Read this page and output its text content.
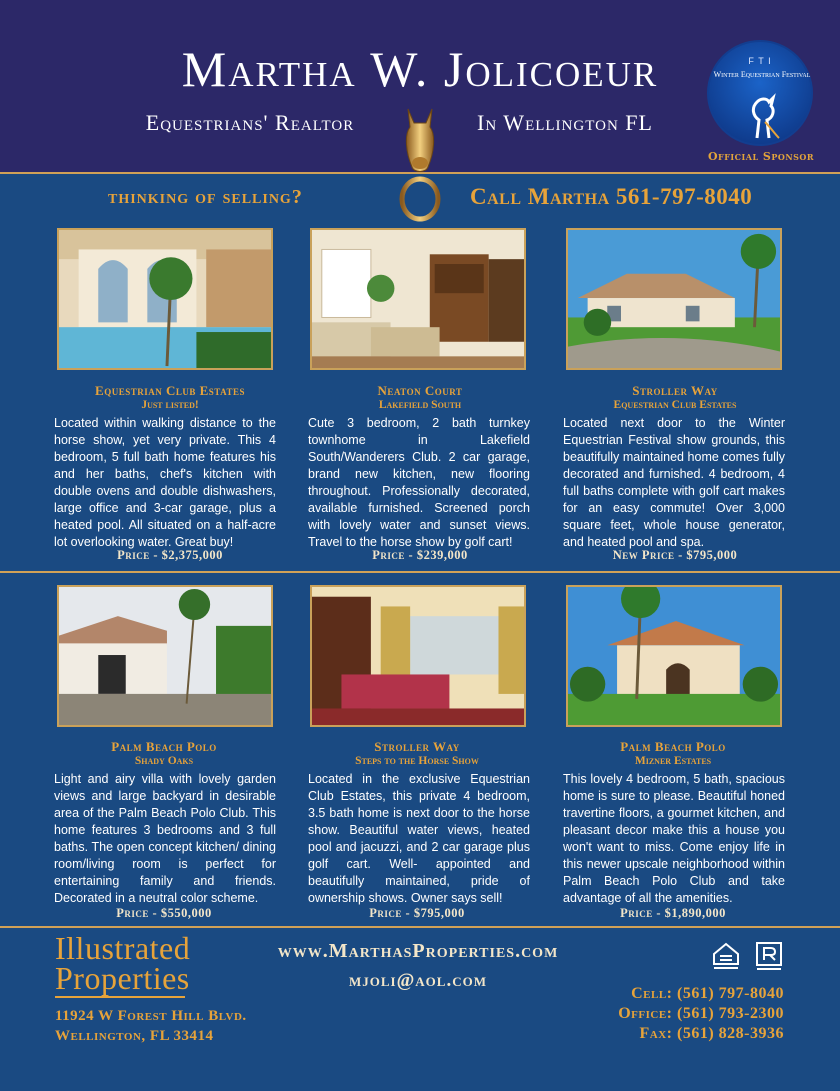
Martha W. Jolicoeur
Equestrians' Realtor	In Wellington FL
F T I
Winter Equestrian Festival
Official Sponsor
thinking of selling?	Call Martha 561-797-8040
Equestrian Club Estates
Just listed!
Located within walking distance to the horse show, yet very private. This 4 bedroom, 5 full bath home features his and her baths, chef's kitchen with double ovens and double dishwashers, large office and 3-car garage, plus a heated pool. All situated on a half-acre lot overlooking water. Great buy!
Price - $2,375,000
Neaton Court
Lakefield South
Cute 3 bedroom, 2 bath turnkey townhome in Lakefield South/Wanderers Club. 2 car garage, brand new kitchen, new flooring throughout. Professionally decorated, available furnished. Screened porch with lovely water and sunset views. Travel to the horse show by golf cart!
Price - $239,000
Stroller Way
Equestrian Club Estates
Located next door to the Winter Equestrian Festival show grounds, this beautifully maintained home comes fully decorated and furnished. 4 bedroom, 4 full baths complete with golf cart makes for an easy commute! Over 3,000 square feet, whole house generator, and heated pool and spa.
New Price - $795,000
Palm Beach Polo
Shady Oaks
Light and airy villa with lovely garden views and large backyard in desirable area of the Palm Beach Polo Club. This home features 3 bedrooms and 3 full baths. The open concept kitchen/ dining room/living room is perfect for entertaining family and friends. Decorated in a neutral color scheme.
Price - $550,000
Stroller Way
Steps to the Horse Show
Located in the exclusive Equestrian Club Estates, this private 4 bedroom, 3.5 bath home is next door to the horse show. Beautiful water views, heated pool and jacuzzi, and 2 car garage plus golf cart. Well- appointed and beautifully maintained, pride of ownership shows. Owner says sell!
Price - $795,000
Palm Beach Polo
Mizner Estates
This lovely 4 bedroom, 5 bath, spacious home is sure to please. Beautiful honed travertine floors, a gourmet kitchen, and pleasant decor make this a house you won't want to miss. Come enjoy life in this newer upscale neighborhood within Palm Beach Polo Club and take advantage of all the amenities.
Price - $1,890,000
Illustrated
Properties
11924 W Forest Hill Blvd.
Wellington, FL 33414
www.MarthasProperties.com
mjoli@aol.com
Cell: (561) 797-8040
Office: (561) 793-2300
Fax: (561) 828-3936
